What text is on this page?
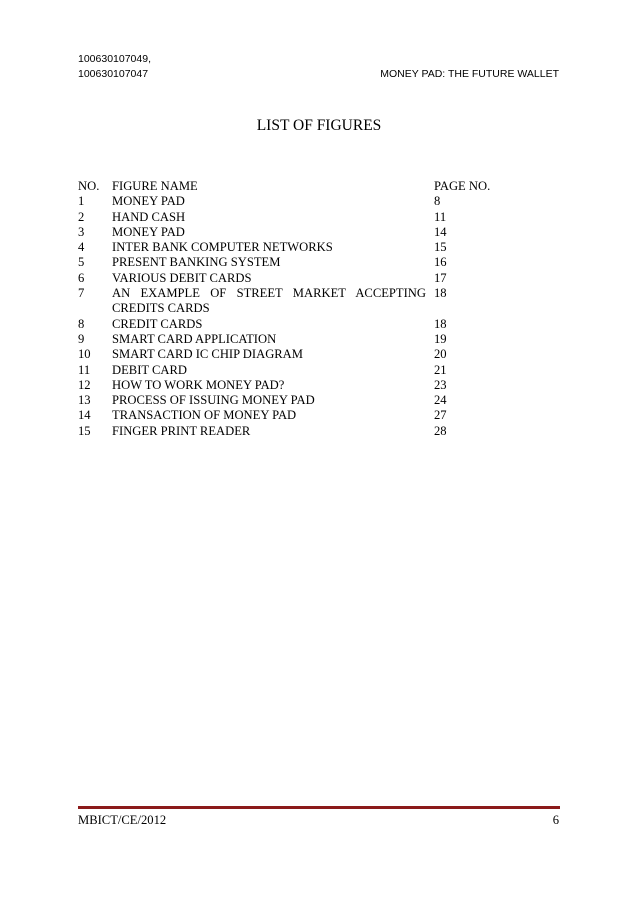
100630107049,
100630107047	MONEY PAD: THE FUTURE WALLET
LIST OF FIGURES
NO.	FIGURE NAME	PAGE NO.
1	MONEY PAD	8
2	HAND CASH	11
3	MONEY PAD	14
4	INTER BANK COMPUTER NETWORKS	15
5	PRESENT BANKING SYSTEM	16
6	VARIOUS DEBIT CARDS	17
7	AN EXAMPLE OF STREET MARKET ACCEPTING CREDITS CARDS	18
8	CREDIT CARDS	18
9	SMART CARD APPLICATION	19
10	SMART CARD IC CHIP DIAGRAM	20
11	DEBIT CARD	21
12	HOW TO WORK MONEY PAD?	23
13	PROCESS OF ISSUING MONEY PAD	24
14	TRANSACTION OF MONEY PAD	27
15	FINGER PRINT READER	28
MBICT/CE/2012	6
